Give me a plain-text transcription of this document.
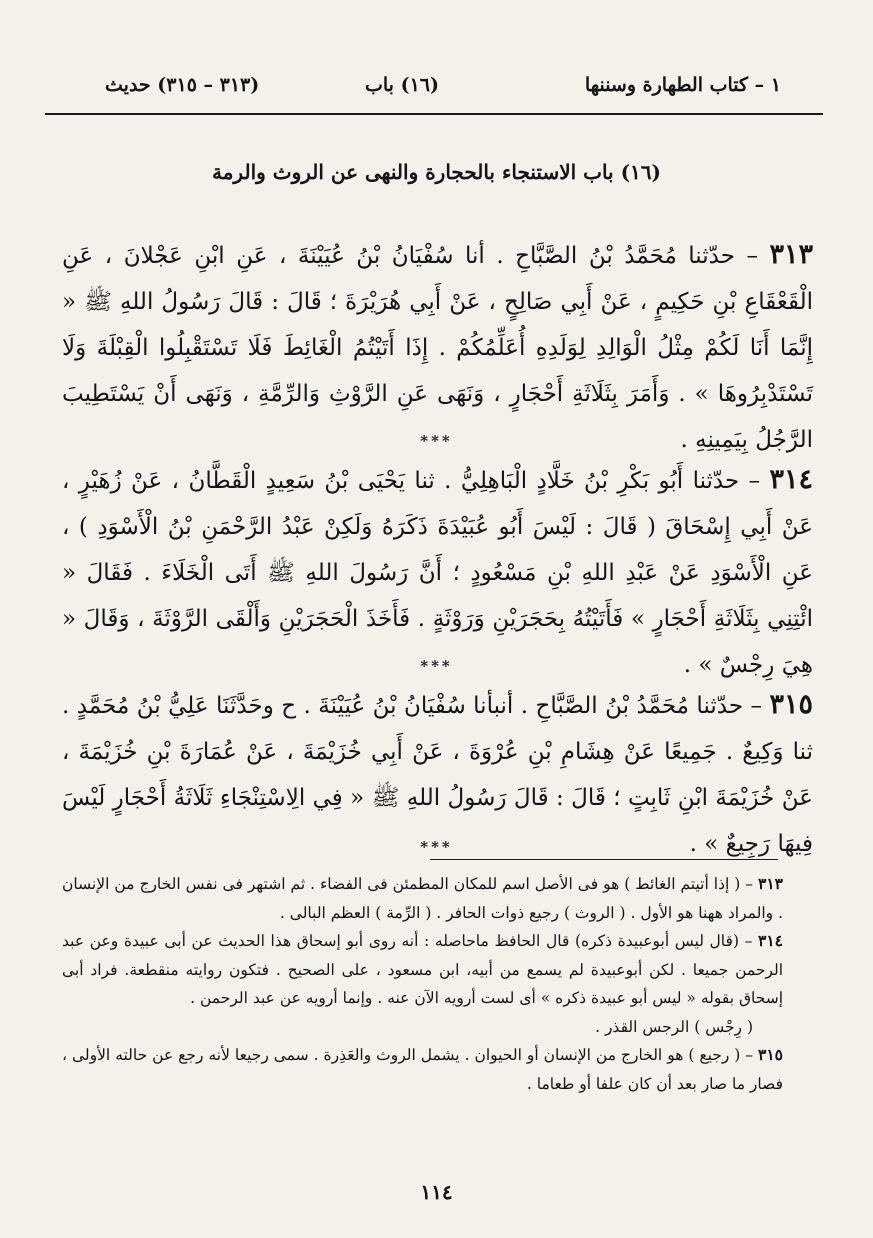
١ – كتاب الطهارة وسننها
(١٦) باب
(٣١٣ – ٣١٥) حديث
(١٦) باب الاستنجاء بالحجارة والنهى عن الروث والرمة
٣١٣ – حدّثنا مُحَمَّدُ بْنُ الصَّبَّاحِ . أنا سُفْيَانُ بْنُ عُيَيْنَةَ ، عَنِ ابْنِ عَجْلانَ ، عَنِ الْقَعْقَاعِ بْنِ حَكِيمٍ ، عَنْ أَبِي صَالِحٍ ، عَنْ أَبِي هُرَيْرَةَ ؛ قَالَ : قَالَ رَسُولُ اللهِ ﷺ « إِنَّمَا أَنَا لَكُمْ مِثْلُ الْوَالِدِ لِوَلَدِهِ أُعَلِّمُكُمْ . إِذَا أَتَيْتُمُ الْغَائِطَ فَلَا تَسْتَقْبِلُوا الْقِبْلَةَ وَلَا تَسْتَدْبِرُوهَا » . وَأَمَرَ بِثَلَاثَةِ أَحْجَارٍ ، وَنَهَى عَنِ الرَّوْثِ وَالرِّمَّةِ ، وَنَهَى أَنْ يَسْتَطِيبَ الرَّجُلُ بِيَمِينِهِ .
***
٣١٤ – حدّثنا أَبُو بَكْرِ بْنُ خَلَّادٍ الْبَاهِلِيُّ . ثنا يَحْيَى بْنُ سَعِيدٍ الْقَطَّانُ ، عَنْ زُهَيْرٍ ، عَنْ أَبِي إِسْحَاقَ ( قَالَ : لَيْسَ أَبُو عُبَيْدَةَ ذَكَرَهُ وَلَكِنْ عَبْدُ الرَّحْمَنِ بْنُ الْأَسْوَدِ ) ، عَنِ الْأَسْوَدِ عَنْ عَبْدِ اللهِ بْنِ مَسْعُودٍ ؛ أَنَّ رَسُولَ اللهِ ﷺ أَتَى الْخَلَاءَ . فَقَالَ « ائْتِنِي بِثَلَاثَةِ أَحْجَارٍ » فَأَتَيْتُهُ بِحَجَرَيْنِ وَرَوْثَةٍ . فَأَخَذَ الْحَجَرَيْنِ وَأَلْقَى الرَّوْثَةَ ، وَقَالَ « هِيَ رِجْسٌ » .
***
٣١٥ – حدّثنا مُحَمَّدُ بْنُ الصَّبَّاحِ . أنبأنا سُفْيَانُ بْنُ عُيَيْنَةَ . ح وحَدَّثَنَا عَلِيُّ بْنُ مُحَمَّدٍ . ثنا وَكِيعٌ . جَمِيعًا عَنْ هِشَامِ بْنِ عُرْوَةَ ، عَنْ أَبِي خُزَيْمَةَ ، عَنْ عُمَارَةَ بْنِ خُزَيْمَةَ ، عَنْ خُزَيْمَةَ ابْنِ ثَابِتٍ ؛ قَالَ : قَالَ رَسُولُ اللهِ ﷺ « فِي الِاسْتِنْجَاءِ ثَلَاثَةُ أَحْجَارٍ لَيْسَ فِيهَا رَجِيعٌ » .
***

٣١٣ – ( إذا أتيتم الغائط ) هو فى الأصل اسم للمكان المطمئن فى الفضاء . ثم اشتهر فى نفس الخارج من الإنسان . والمراد ههنا هو الأول . ( الروث ) رجيع ذوات الحافر . ( الرِّمة ) العظم البالى .

٣١٤ – (قال ليس أبوعبيدة ذكره) قال الحافظ ماحاصله : أنه روى أبو إسحاق هذا الحديث عن أبى عبيدة وعن عبد الرحمن جميعا . لكن أبوعبيدة لم يسمع من أبيه، ابن مسعود ، على الصحيح . فتكون روايته منقطعة. فراد أبى إسحاق بقوله « ليس أبو عبيدة ذكره » أى لست أرويه الآن عنه . وإنما أرويه عن عبد الرحمن .

( رِجْس ) الرجس القذر .

٣١٥ – ( رجيع ) هو الخارج من الإنسان أو الحيوان . يشمل الروث والعَذِرة . سمى رجيعا لأنه رجع عن حالته الأولى ، فصار ما صار بعد أن كان علفا أو طعاما .

١١٤
